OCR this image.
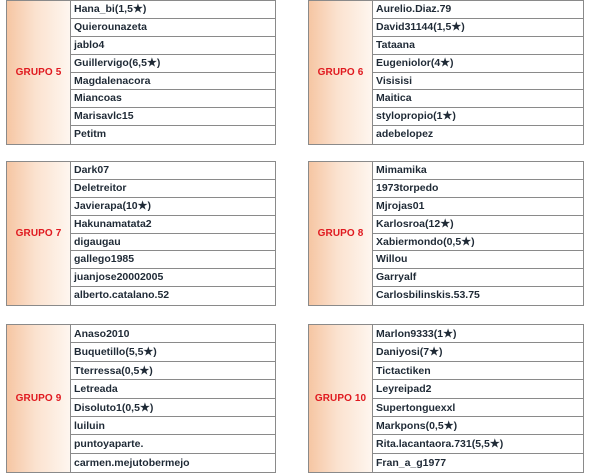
GRUPO 5
Hana_bi(1,5★)
Quierounazeta
jablo4
Guillervigo(6,5★)
Magdalenacora
Miancoas
Marisavlc15
Petitm
GRUPO 6
Aurelio.Diaz.79
David31144(1,5★)
Tataana
Eugeniolor(4★)
Visisisi
Maitica
stylopropio(1★)
adebelopez
GRUPO 7
Dark07
Deletreitor
Javierapa(10★)
Hakunamatata2
digaugau
gallego1985
juanjose20002005
alberto.catalano.52
GRUPO 8
Mimamika
1973torpedo
Mjrojas01
Karlosroa(12★)
Xabiermondo(0,5★)
Willou
Garryalf
Carlosbilinskis.53.75
GRUPO 9
Anaso2010
Buquetillo(5,5★)
Tterressa(0,5★)
Letreada
Disoluto1(0,5★)
luiluin
puntoyaparte.
carmen.mejutobermejo
GRUPO 10
Marlon9333(1★)
Daniyosi(7★)
Tictactiken
Leyreipad2
Supertonguexxl
Markpons(0,5★)
Rita.lacantaora.731(5,5★)
Fran_a_g1977
